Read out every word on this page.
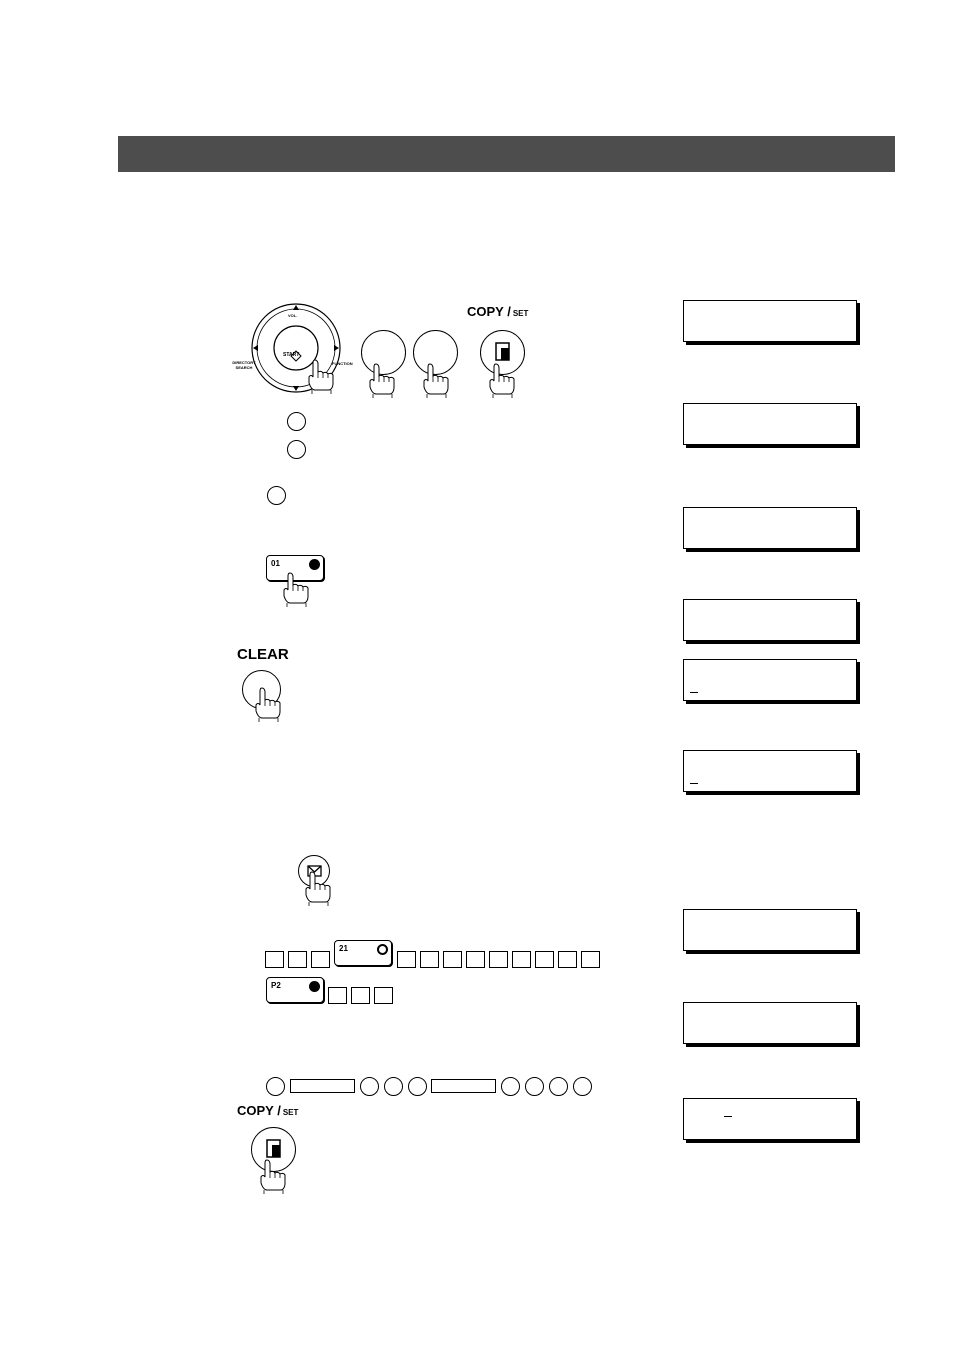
START
VOL.
DIRECTORY SEARCH
FUNCTION
COPY / SET
01
CLEAR
21
P2
COPY / SET
